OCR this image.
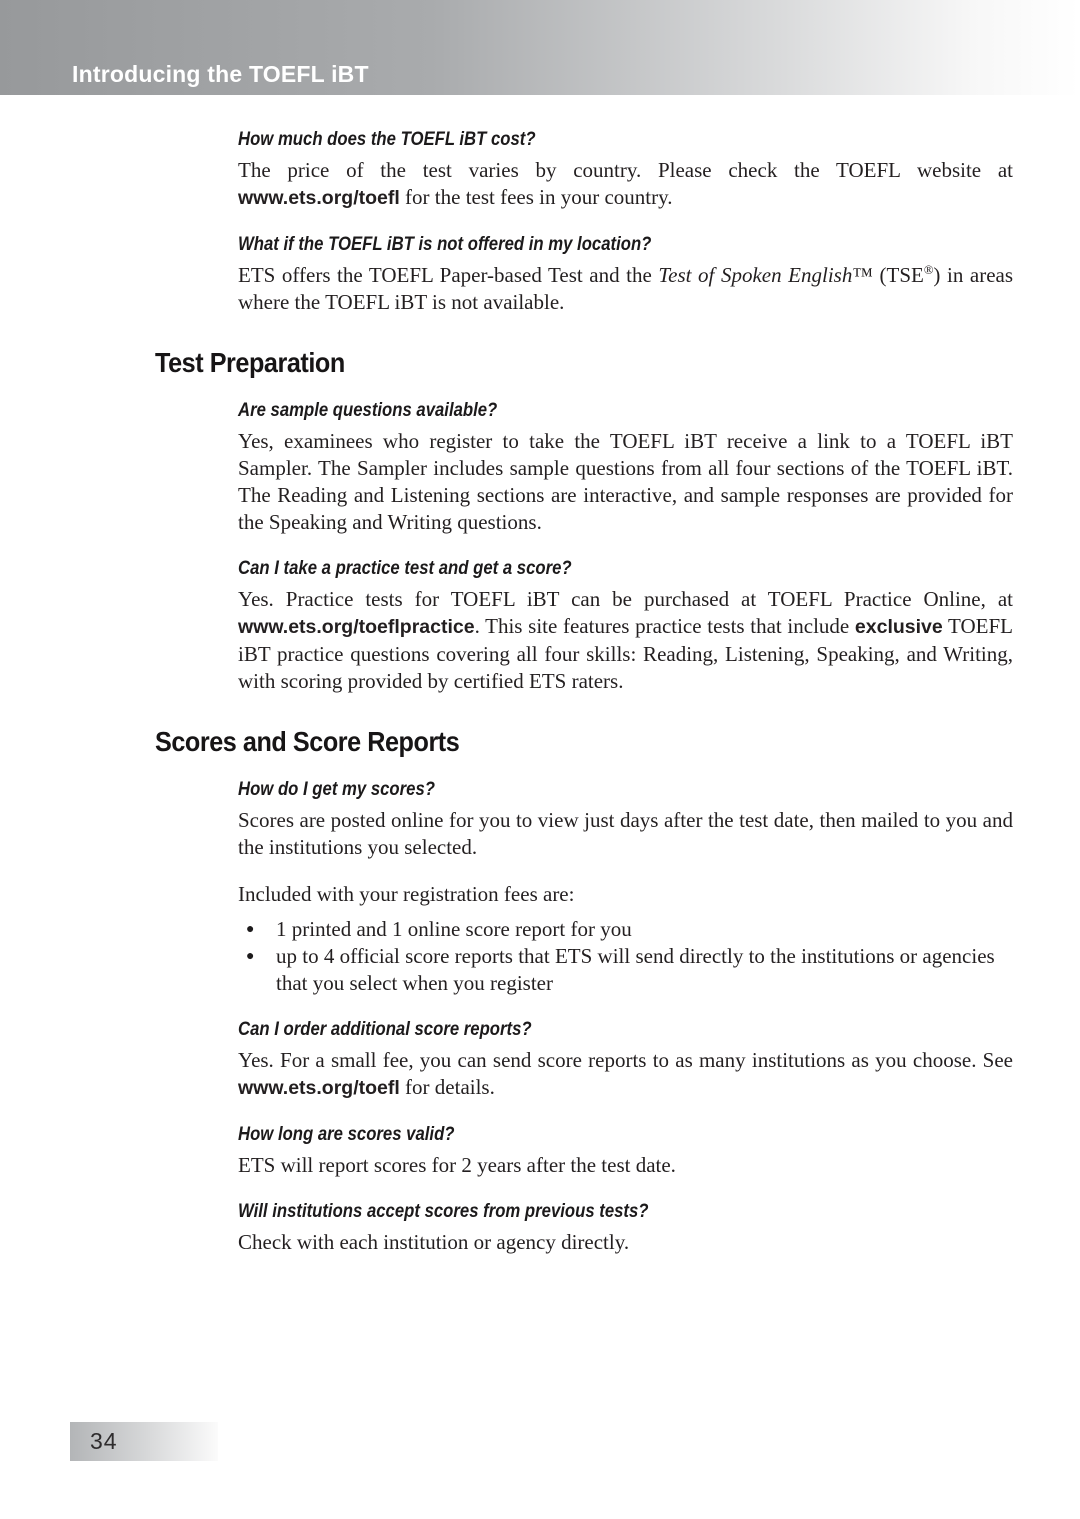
Introducing the TOEFL iBT
How much does the TOEFL iBT cost?

The price of the test varies by country. Please check the TOEFL website at www.ets.org/toefl for the test fees in your country.

What if the TOEFL iBT is not offered in my location?

ETS offers the TOEFL Paper-based Test and the Test of Spoken English™ (TSE®) in areas where the TOEFL iBT is not available.

Test Preparation
Are sample questions available?

Yes, examinees who register to take the TOEFL iBT receive a link to a TOEFL iBT Sampler. The Sampler includes sample questions from all four sections of the TOEFL iBT. The Reading and Listening sections are interactive, and sample responses are provided for the Speaking and Writing questions.

Can I take a practice test and get a score?

Yes. Practice tests for TOEFL iBT can be purchased at TOEFL Practice Online, at www.ets.org/toeflpractice. This site features practice tests that include exclusive TOEFL iBT practice questions covering all four skills: Reading, Listening, Speaking, and Writing, with scoring provided by certified ETS raters.

Scores and Score Reports
How do I get my scores?

Scores are posted online for you to view just days after the test date, then mailed to you and the institutions you selected.

Included with your registration fees are:

● 1 printed and 1 online score report for you
● up to 4 official score reports that ETS will send directly to the institutions or agencies that you select when you register
Can I order additional score reports?

Yes. For a small fee, you can send score reports to as many institutions as you choose. See www.ets.org/toefl for details.

How long are scores valid?

ETS will report scores for 2 years after the test date.

Will institutions accept scores from previous tests?

Check with each institution or agency directly.

34
